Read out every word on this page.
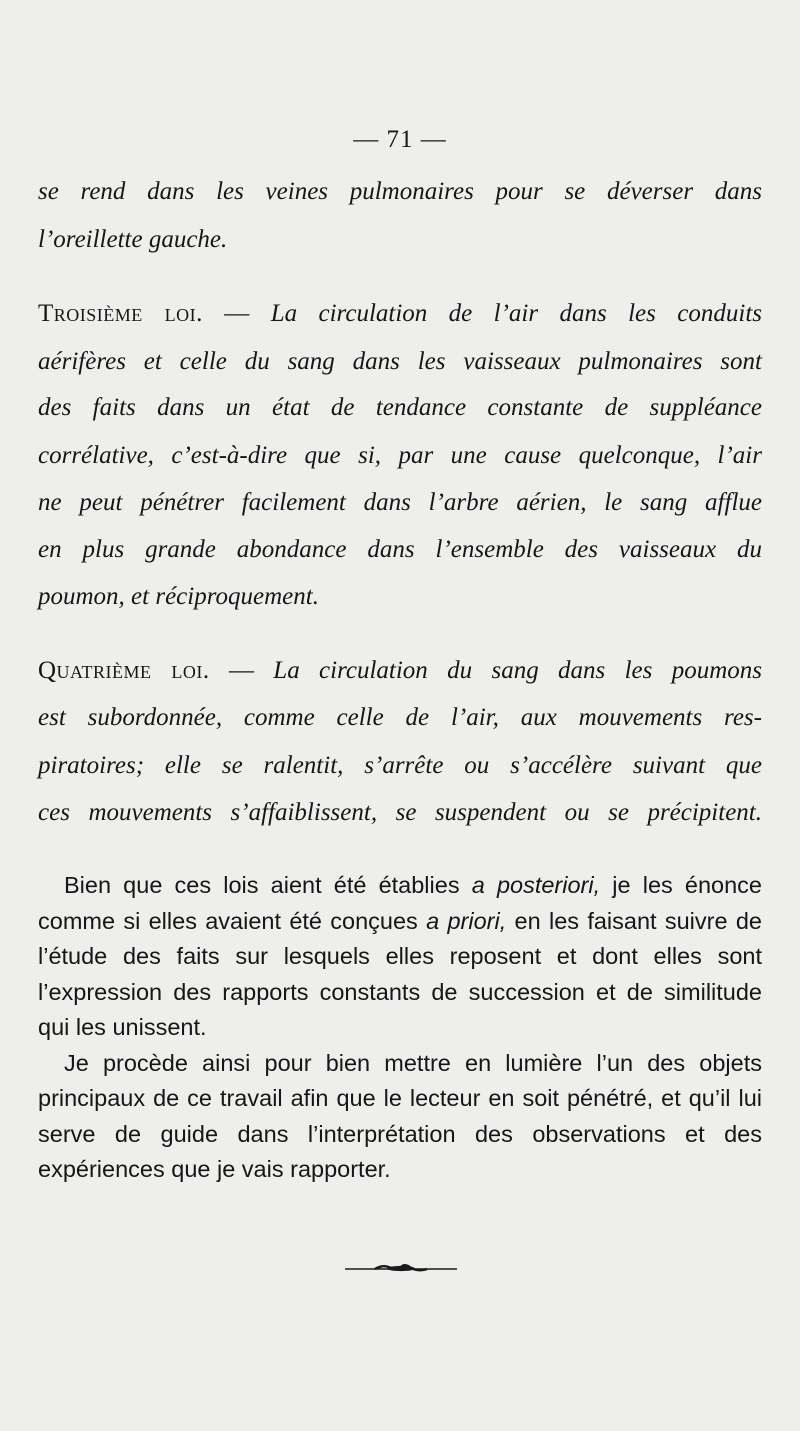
— 71 —
se rend dans les veines pulmonaires pour se déverser dans
l’oreillette gauche.
Troisième loi. — La circulation de l’air dans les conduits
aérifères et celle du sang dans les vaisseaux pulmonaires sont
des faits dans un état de tendance constante de suppléance
corrélative, c’est-à-dire que si, par une cause quelconque, l’air
ne peut pénétrer facilement dans l’arbre aérien, le sang afflue
en plus grande abondance dans l’ensemble des vaisseaux du
poumon, et réciproquement.
Quatrième loi. — La circulation du sang dans les poumons
est subordonnée, comme celle de l’air, aux mouvements res-
piratoires; elle se ralentit, s’arrête ou s’accélère suivant que
ces mouvements s’affaiblissent, se suspendent ou se précipitent.

Bien que ces lois aient été établies a posteriori, je les énonce comme si elles avaient été conçues a priori, en les faisant suivre de l’étude des faits sur lesquels elles reposent et dont elles sont l’expression des rapports constants de succession et de similitude qui les unissent.

Je procède ainsi pour bien mettre en lumière l’un des objets principaux de ce travail afin que le lecteur en soit pénétré, et qu’il lui serve de guide dans l’interprétation des observations et des expériences que je vais rapporter.
